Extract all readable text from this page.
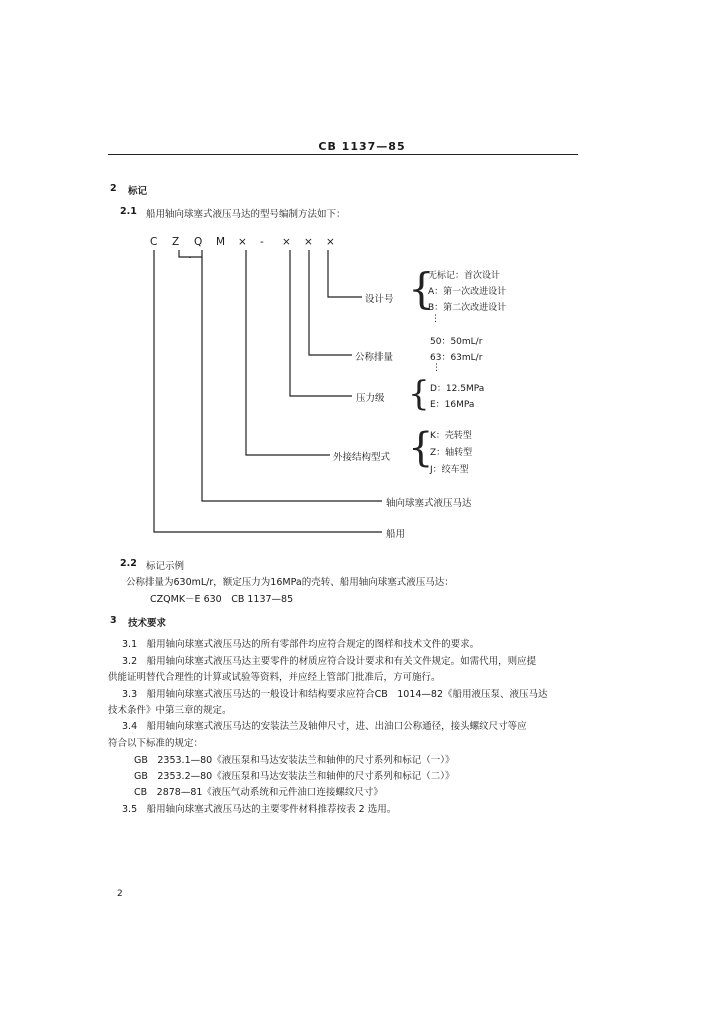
CB 1137—85
2 标记
2.1 船用轴向球塞式液压马达的型号编制方法如下：
C Z Q M × - × × ×
设计号
公称排量
压力级
外接结构型式
轴向球塞式液压马达
船用
{
{
{
无标记：首次设计
A：第一次改进设计
B：第二次改进设计
⋮
50：50mL/r
63：63mL/r
⋮
D：12.5MPa
E：16MPa
K：壳转型
Z：轴转型
J：绞车型
2.2 标记示例
公称排量为630mL/r，额定压力为16MPa的壳转、船用轴向球塞式液压马达：
CZQMK－E 630　CB 1137—85
3 技术要求
3.1　船用轴向球塞式液压马达的所有零部件均应符合规定的图样和技术文件的要求。
3.2　船用轴向球塞式液压马达主要零件的材质应符合设计要求和有关文件规定。如需代用，则应提
供能证明替代合理性的计算或试验等资料，并应经上管部门批准后，方可施行。
3.3　船用轴向球塞式液压马达的一般设计和结构要求应符合CB　1014—82《船用液压泵、液压马达
技术条件》中第三章的规定。
3.4　船用轴向球塞式液压马达的安装法兰及轴伸尺寸，进、出油口公称通径，接头螺纹尺寸等应
符合以下标准的规定：
GB　2353.1—80《液压泵和马达安装法兰和轴伸的尺寸系列和标记（一）》
GB　2353.2—80《液压泵和马达安装法兰和轴伸的尺寸系列和标记（二）》
CB　2878—81《液压气动系统和元件油口连接螺纹尺寸》
3.5　船用轴向球塞式液压马达的主要零件材料推荐按表 2 选用。
2
